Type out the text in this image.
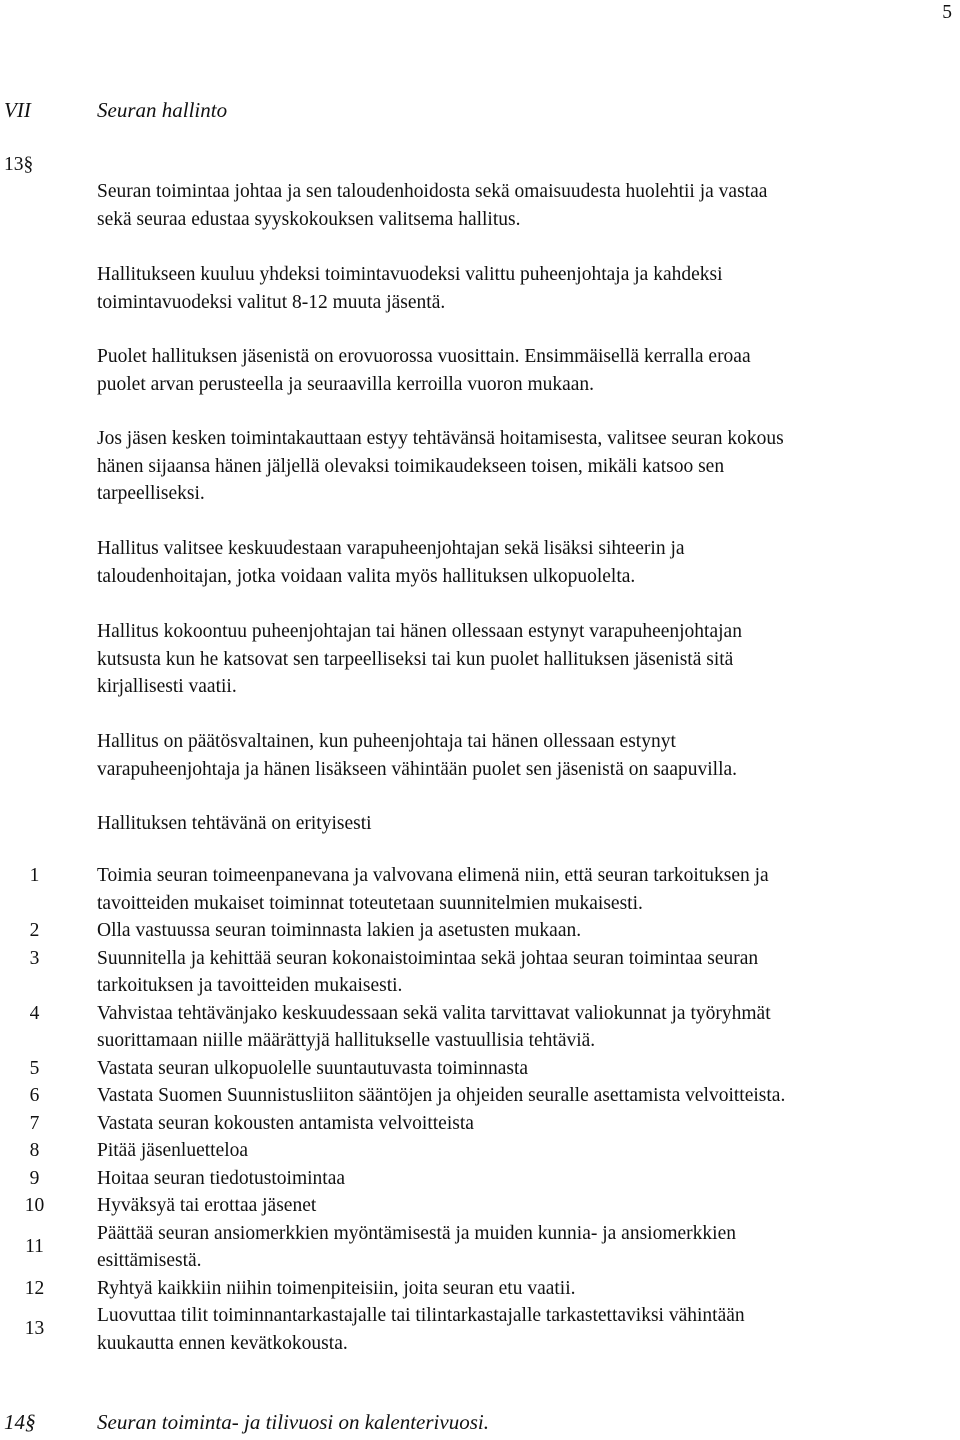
5
VII	Seuran hallinto
13§

Seuran toimintaa johtaa ja sen taloudenhoidosta sekä omaisuudesta huolehtii ja vastaa
sekä seuraa edustaa syyskokouksen valitsema hallitus.

Hallitukseen kuuluu yhdeksi toimintavuodeksi valittu puheenjohtaja ja kahdeksi
toimintavuodeksi valitut 8-12 muuta jäsentä.

Puolet hallituksen jäsenistä on erovuorossa vuosittain. Ensimmäisellä kerralla eroaa
puolet arvan perusteella ja seuraavilla kerroilla vuoron mukaan.

Jos jäsen kesken toimintakauttaan estyy tehtävänsä hoitamisesta, valitsee seuran kokous
hänen sijaansa hänen jäljellä olevaksi toimikaudekseen toisen, mikäli katsoo sen
tarpeelliseksi.

Hallitus valitsee keskuudestaan varapuheenjohtajan sekä lisäksi sihteerin ja
taloudenhoitajan, jotka voidaan valita myös hallituksen ulkopuolelta.

Hallitus kokoontuu puheenjohtajan tai hänen ollessaan estynyt varapuheenjohtajan
kutsusta kun he katsovat sen tarpeelliseksi tai kun puolet hallituksen jäsenistä sitä
kirjallisesti vaatii.

Hallitus on päätösvaltainen, kun puheenjohtaja tai hänen ollessaan estynyt
varapuheenjohtaja ja hänen lisäkseen vähintään puolet sen jäsenistä on saapuvilla.

Hallituksen tehtävänä on erityisesti

1	Toimia seuran toimeenpanevana ja valvovana elimenä niin, että seuran tarkoituksen ja
tavoitteiden mukaiset toiminnat toteutetaan suunnitelmien mukaisesti.
2	Olla vastuussa seuran toiminnasta lakien ja asetusten mukaan.
3	Suunnitella ja kehittää seuran kokonaistoimintaa sekä johtaa seuran toimintaa seuran
tarkoituksen ja tavoitteiden mukaisesti.
4	Vahvistaa tehtävänjako keskuudessaan sekä valita tarvittavat valiokunnat ja työryhmät
suorittamaan niille määrättyjä hallitukselle vastuullisia tehtäviä.
5	Vastata seuran ulkopuolelle suuntautuvasta toiminnasta
6	Vastata Suomen Suunnistusliiton sääntöjen ja ohjeiden seuralle asettamista velvoitteista.
7	Vastata seuran kokousten antamista velvoitteista
8	Pitää jäsenluetteloa
9	Hoitaa seuran tiedotustoimintaa
10	Hyväksyä tai erottaa jäsenet
11
Päättää seuran ansiomerkkien myöntämisestä ja muiden kunnia- ja ansiomerkkien
esittämisestä.
12	Ryhtyä kaikkiin niihin toimenpiteisiin, joita seuran etu vaatii.
13
Luovuttaa tilit toiminnantarkastajalle tai tilintarkastajalle tarkastettaviksi vähintään
kuukautta ennen kevätkokousta.
14§	Seuran toiminta- ja tilivuosi on kalenterivuosi.
